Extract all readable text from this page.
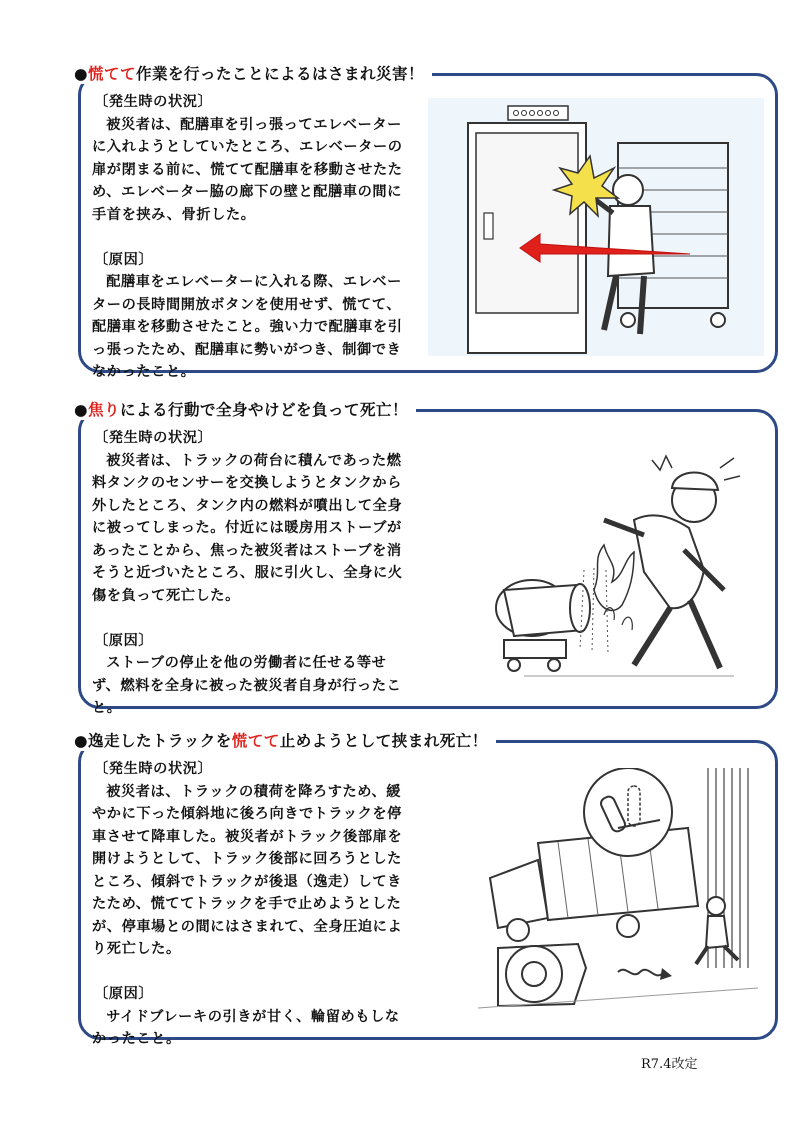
●慌てて作業を行ったことによるはさまれ災害！

〔発生時の状況〕

被災者は、配膳車を引っ張ってエレベーター

に入れようとしていたところ、エレベーターの

扉が閉まる前に、慌てて配膳車を移動させたた

め、エレベーター脇の廊下の壁と配膳車の間に

手首を挟み、骨折した。

〔原因〕

配膳車をエレベーターに入れる際、エレベー

ターの長時間開放ボタンを使用せず、慌てて、

配膳車を移動させたこと。強い力で配膳車を引

っ張ったため、配膳車に勢いがつき、制御でき

なかったこと。

●焦りによる行動で全身やけどを負って死亡！

〔発生時の状況〕

被災者は、トラックの荷台に積んであった燃

料タンクのセンサーを交換しようとタンクから

外したところ、タンク内の燃料が噴出して全身

に被ってしまった。付近には暖房用ストーブが

あったことから、焦った被災者はストーブを消

そうと近づいたところ、服に引火し、全身に火

傷を負って死亡した。

〔原因〕

ストーブの停止を他の労働者に任せる等せ

ず、燃料を全身に被った被災者自身が行ったこ

と。

●逸走したトラックを慌てて止めようとして挟まれ死亡！

〔発生時の状況〕

被災者は、トラックの積荷を降ろすため、緩

やかに下った傾斜地に後ろ向きでトラックを停

車させて降車した。被災者がトラック後部扉を

開けようとして、トラック後部に回ろうとした

ところ、傾斜でトラックが後退（逸走）してき

たため、慌ててトラックを手で止めようとした

が、停車場との間にはさまれて、全身圧迫によ

り死亡した。

〔原因〕

サイドブレーキの引きが甘く、輪留めもしな

かったこと。

R7.4改定
